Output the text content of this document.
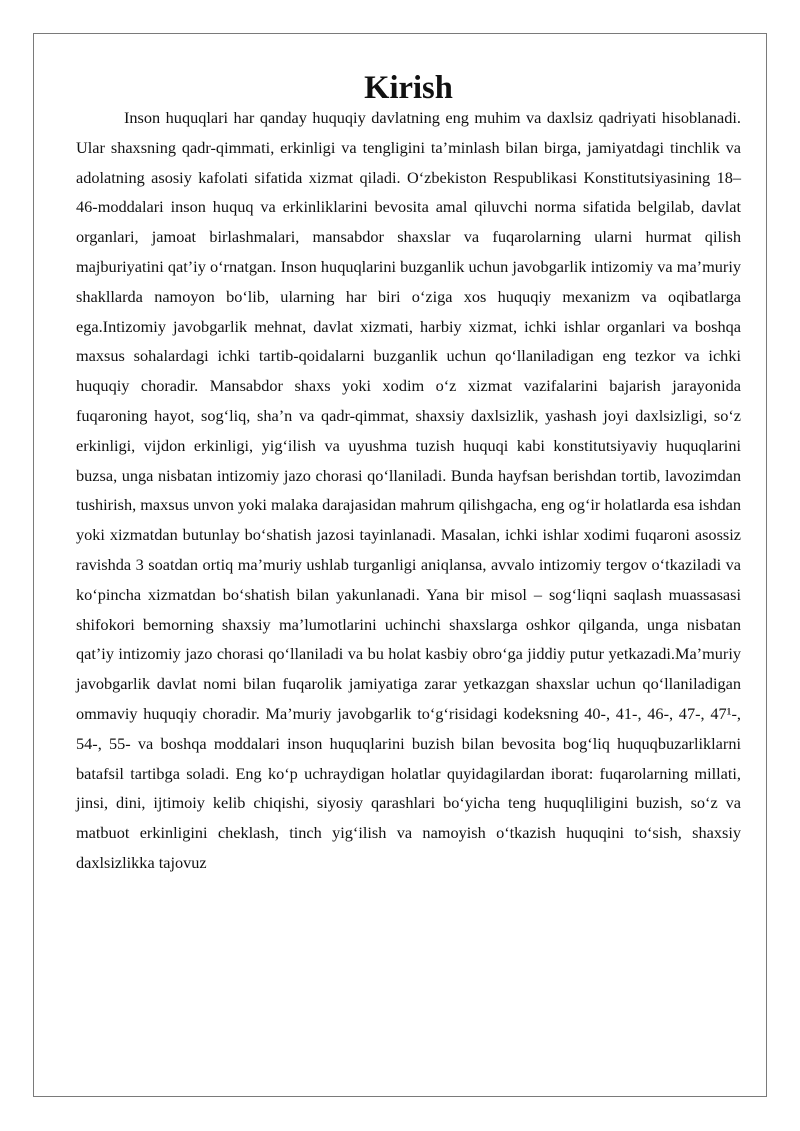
Kirish

Inson huquqlari har qanday huquqiy davlatning eng muhim va daxlsiz qadriyati hisoblanadi. Ular shaxsning qadr-qimmati, erkinligi va tengligini ta’minlash bilan birga, jamiyatdagi tinchlik va adolatning asosiy kafolati sifatida xizmat qiladi. O‘zbekiston Respublikasi Konstitutsiyasining 18–46-moddalari inson huquq va erkinliklarini bevosita amal qiluvchi norma sifatida belgilab, davlat organlari, jamoat birlashmalari, mansabdor shaxslar va fuqarolarning ularni hurmat qilish majburiyatini qat’iy o‘rnatgan. Inson huquqlarini buzganlik uchun javobgarlik intizomiy va ma’muriy shakllarda namoyon bo‘lib, ularning har biri o‘ziga xos huquqiy mexanizm va oqibatlarga ega.Intizomiy javobgarlik mehnat, davlat xizmati, harbiy xizmat, ichki ishlar organlari va boshqa maxsus sohalardagi ichki tartib-qoidalarni buzganlik uchun qo‘llaniladigan eng tezkor va ichki huquqiy choradir. Mansabdor shaxs yoki xodim o‘z xizmat vazifalarini bajarish jarayonida fuqaroning hayot, sog‘liq, sha’n va qadr-qimmat, shaxsiy daxlsizlik, yashash joyi daxlsizligi, so‘z erkinligi, vijdon erkinligi, yig‘ilish va uyushma tuzish huquqi kabi konstitutsiyaviy huquqlarini buzsa, unga nisbatan intizomiy jazo chorasi qo‘llaniladi. Bunda hayfsan berishdan tortib, lavozimdan tushirish, maxsus unvon yoki malaka darajasidan mahrum qilishgacha, eng og‘ir holatlarda esa ishdan yoki xizmatdan butunlay bo‘shatish jazosi tayinlanadi. Masalan, ichki ishlar xodimi fuqaroni asossiz ravishda 3 soatdan ortiq ma’muriy ushlab turganligi aniqlansa, avvalo intizomiy tergov o‘tkaziladi va ko‘pincha xizmatdan bo‘shatish bilan yakunlanadi. Yana bir misol – sog‘liqni saqlash muassasasi shifokori bemorning shaxsiy ma’lumotlarini uchinchi shaxslarga oshkor qilganda, unga nisbatan qat’iy intizomiy jazo chorasi qo‘llaniladi va bu holat kasbiy obro‘ga jiddiy putur yetkazadi.Ma’muriy javobgarlik davlat nomi bilan fuqarolik jamiyatiga zarar yetkazgan shaxslar uchun qo‘llaniladigan ommaviy huquqiy choradir. Ma’muriy javobgarlik to‘g‘risidagi kodeksning 40-, 41-, 46-, 47-, 47¹-, 54-, 55- va boshqa moddalari inson huquqlarini buzish bilan bevosita bog‘liq huquqbuzarliklarni batafsil tartibga soladi. Eng ko‘p uchraydigan holatlar quyidagilardan iborat: fuqarolarning millati, jinsi, dini, ijtimoiy kelib chiqishi, siyosiy qarashlari bo‘yicha teng huquqliligini buzish, so‘z va matbuot erkinligini cheklash, tinch yig‘ilish va namoyish o‘tkazish huquqini to‘sish, shaxsiy daxlsizlikka tajovuz
